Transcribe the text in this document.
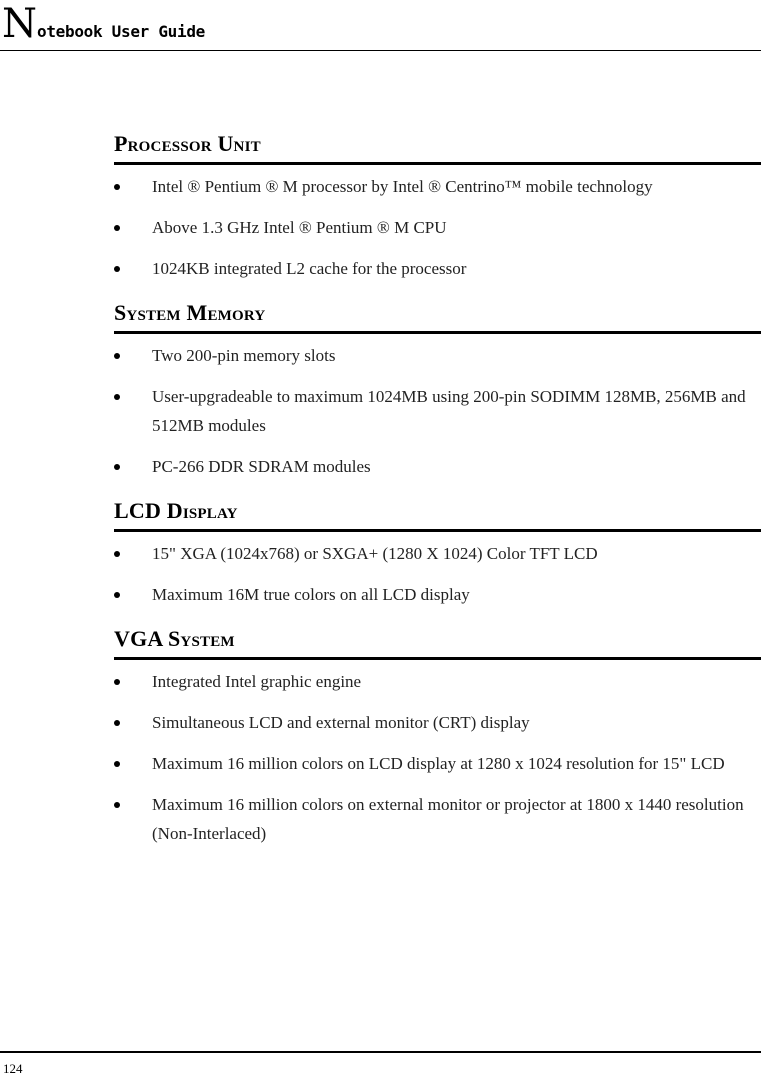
Notebook User Guide
Processor Unit
Intel ® Pentium ® M processor by Intel ® Centrino™ mobile technology
Above 1.3 GHz Intel ® Pentium ® M CPU
1024KB integrated L2 cache for the processor
System Memory
Two 200-pin memory slots
User-upgradeable to maximum 1024MB using 200-pin SODIMM 128MB, 256MB and 512MB modules
PC-266 DDR SDRAM modules
LCD Display
15" XGA (1024x768) or SXGA+ (1280 X 1024) Color TFT LCD
Maximum 16M true colors on all LCD display
VGA System
Integrated Intel graphic engine
Simultaneous LCD and external monitor (CRT) display
Maximum 16 million colors on LCD display at 1280 x 1024 resolution for 15" LCD
Maximum 16 million colors on external monitor or projector at 1800 x 1440 resolution (Non-Interlaced)
124
